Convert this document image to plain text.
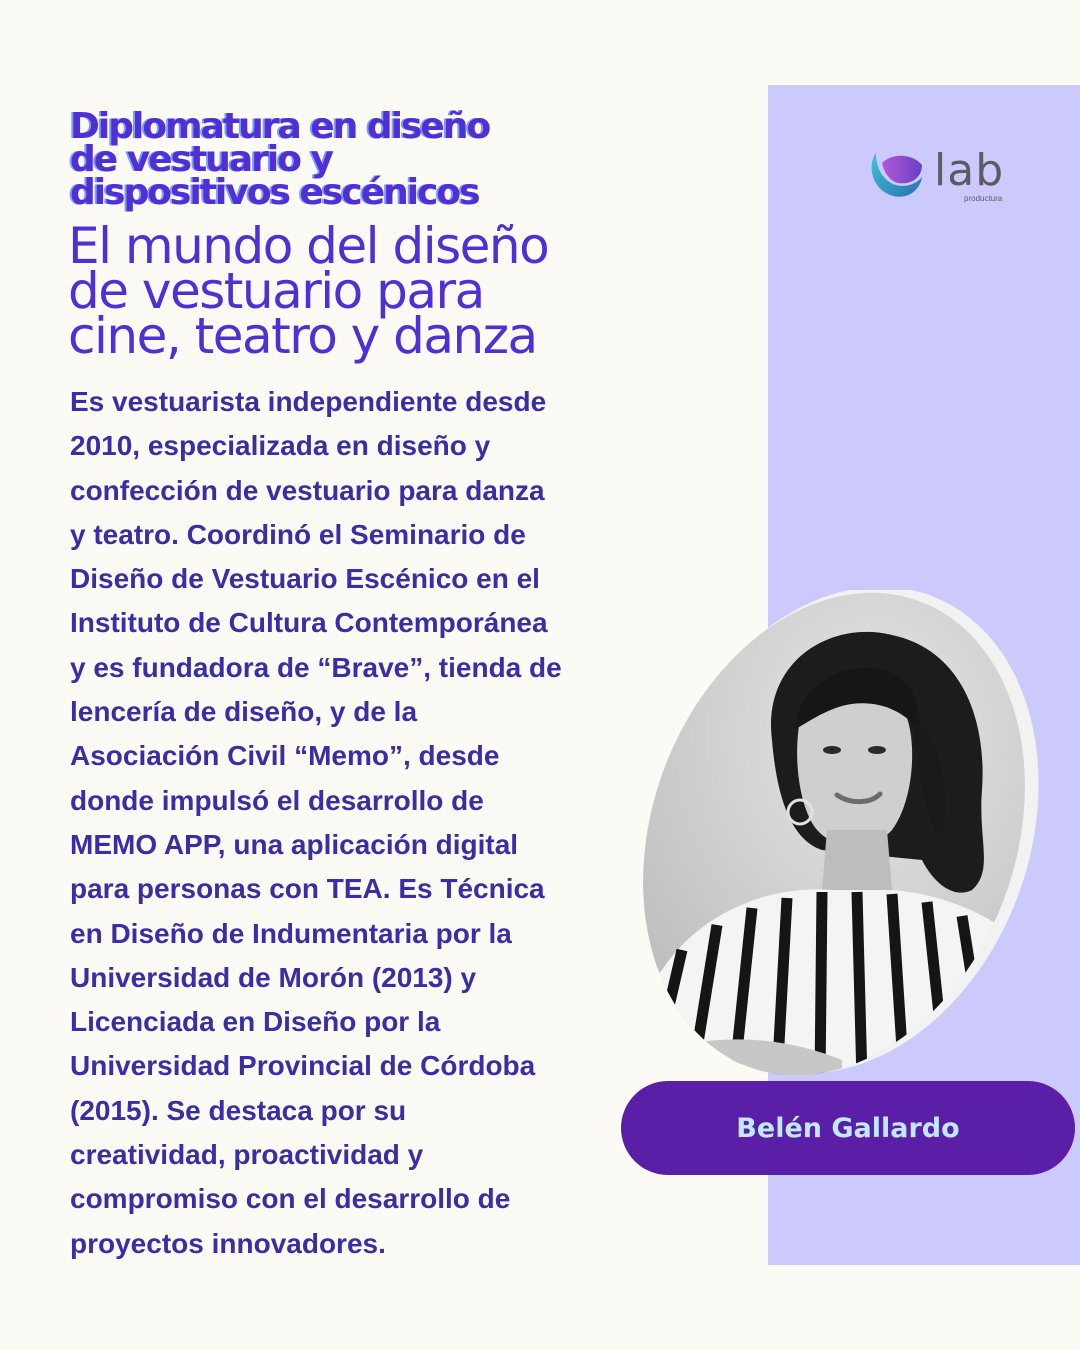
lab
productura
Diplomatura en diseño
de vestuario y
dispositivos escénicos
El mundo del diseño
de vestuario para
cine, teatro y danza

Es vestuarista independiente desde
2010, especializada en diseño y
confección de vestuario para danza
y teatro. Coordinó el Seminario de
Diseño de Vestuario Escénico en el
Instituto de Cultura Contemporánea
y es fundadora de “Brave”, tienda de
lencería de diseño, y de la
Asociación Civil “Memo”, desde
donde impulsó el desarrollo de
MEMO APP, una aplicación digital
para personas con TEA. Es Técnica
en Diseño de Indumentaria por la
Universidad de Morón (2013) y
Licenciada en Diseño por la
Universidad Provincial de Córdoba
(2015). Se destaca por su
creatividad, proactividad y
compromiso con el desarrollo de
proyectos innovadores.

Belén Gallardo
